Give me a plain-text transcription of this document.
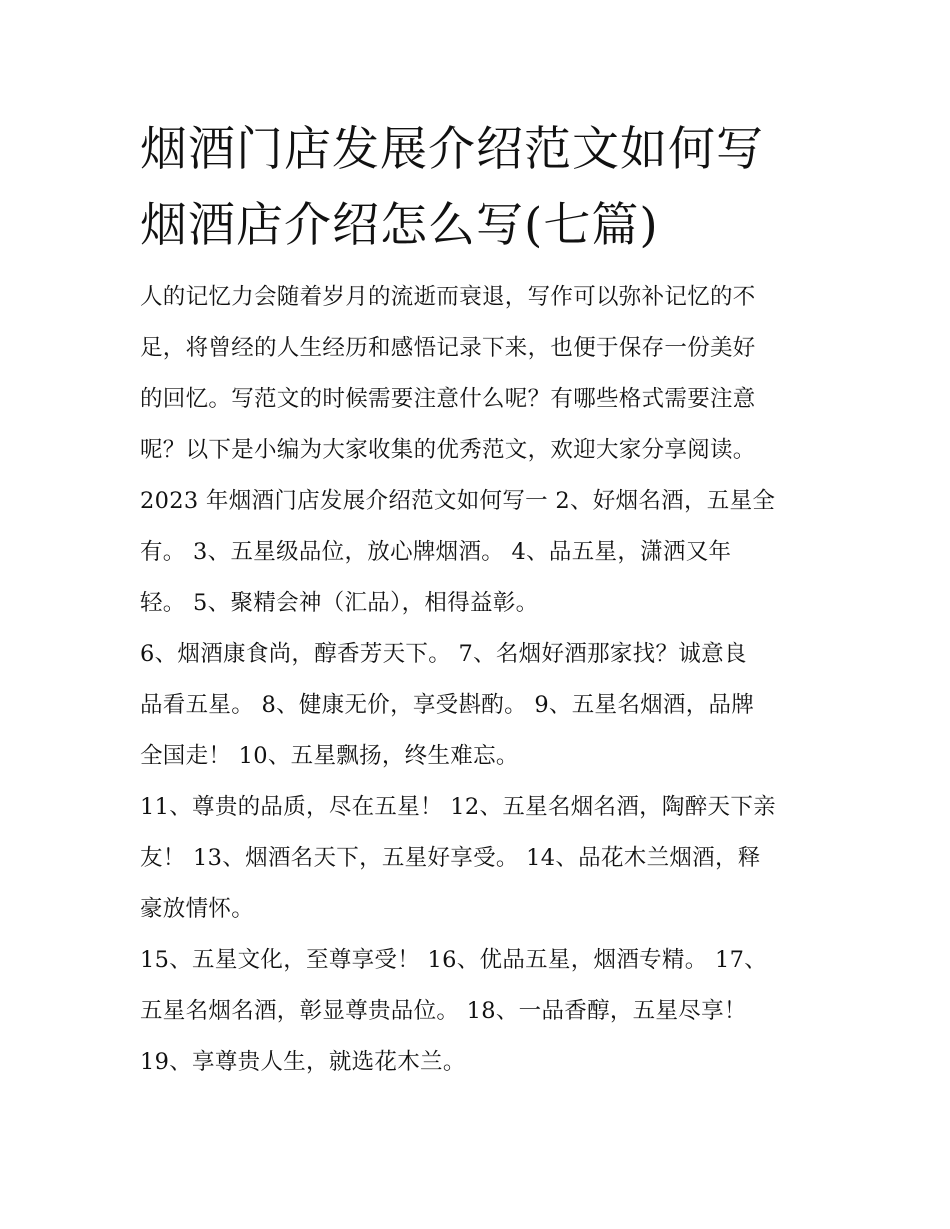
烟酒门店发展介绍范文如何写
烟酒店介绍怎么写(七篇)

人的记忆力会随着岁月的流逝而衰退，写作可以弥补记忆的不
足，将曾经的人生经历和感悟记录下来，也便于保存一份美好
的回忆。写范文的时候需要注意什么呢？有哪些格式需要注意
呢？以下是小编为大家收集的优秀范文，欢迎大家分享阅读。
2023 年烟酒门店发展介绍范文如何写一 2、好烟名酒，五星全
有。 3、五星级品位，放心牌烟酒。 4、品五星，潇洒又年
轻。 5、聚精会神（汇品），相得益彰。

6、烟酒康食尚，醇香芳天下。 7、名烟好酒那家找？诚意良
品看五星。 8、健康无价，享受斟酌。 9、五星名烟酒，品牌
全国走！ 10、五星飘扬，终生难忘。

11、尊贵的品质，尽在五星！ 12、五星名烟名酒，陶醉天下亲
友！ 13、烟酒名天下，五星好享受。 14、品花木兰烟酒，释
豪放情怀。

15、五星文化，至尊享受！ 16、优品五星，烟酒专精。 17、
五星名烟名酒，彰显尊贵品位。 18、一品香醇，五星尽享！
19、享尊贵人生，就选花木兰。
